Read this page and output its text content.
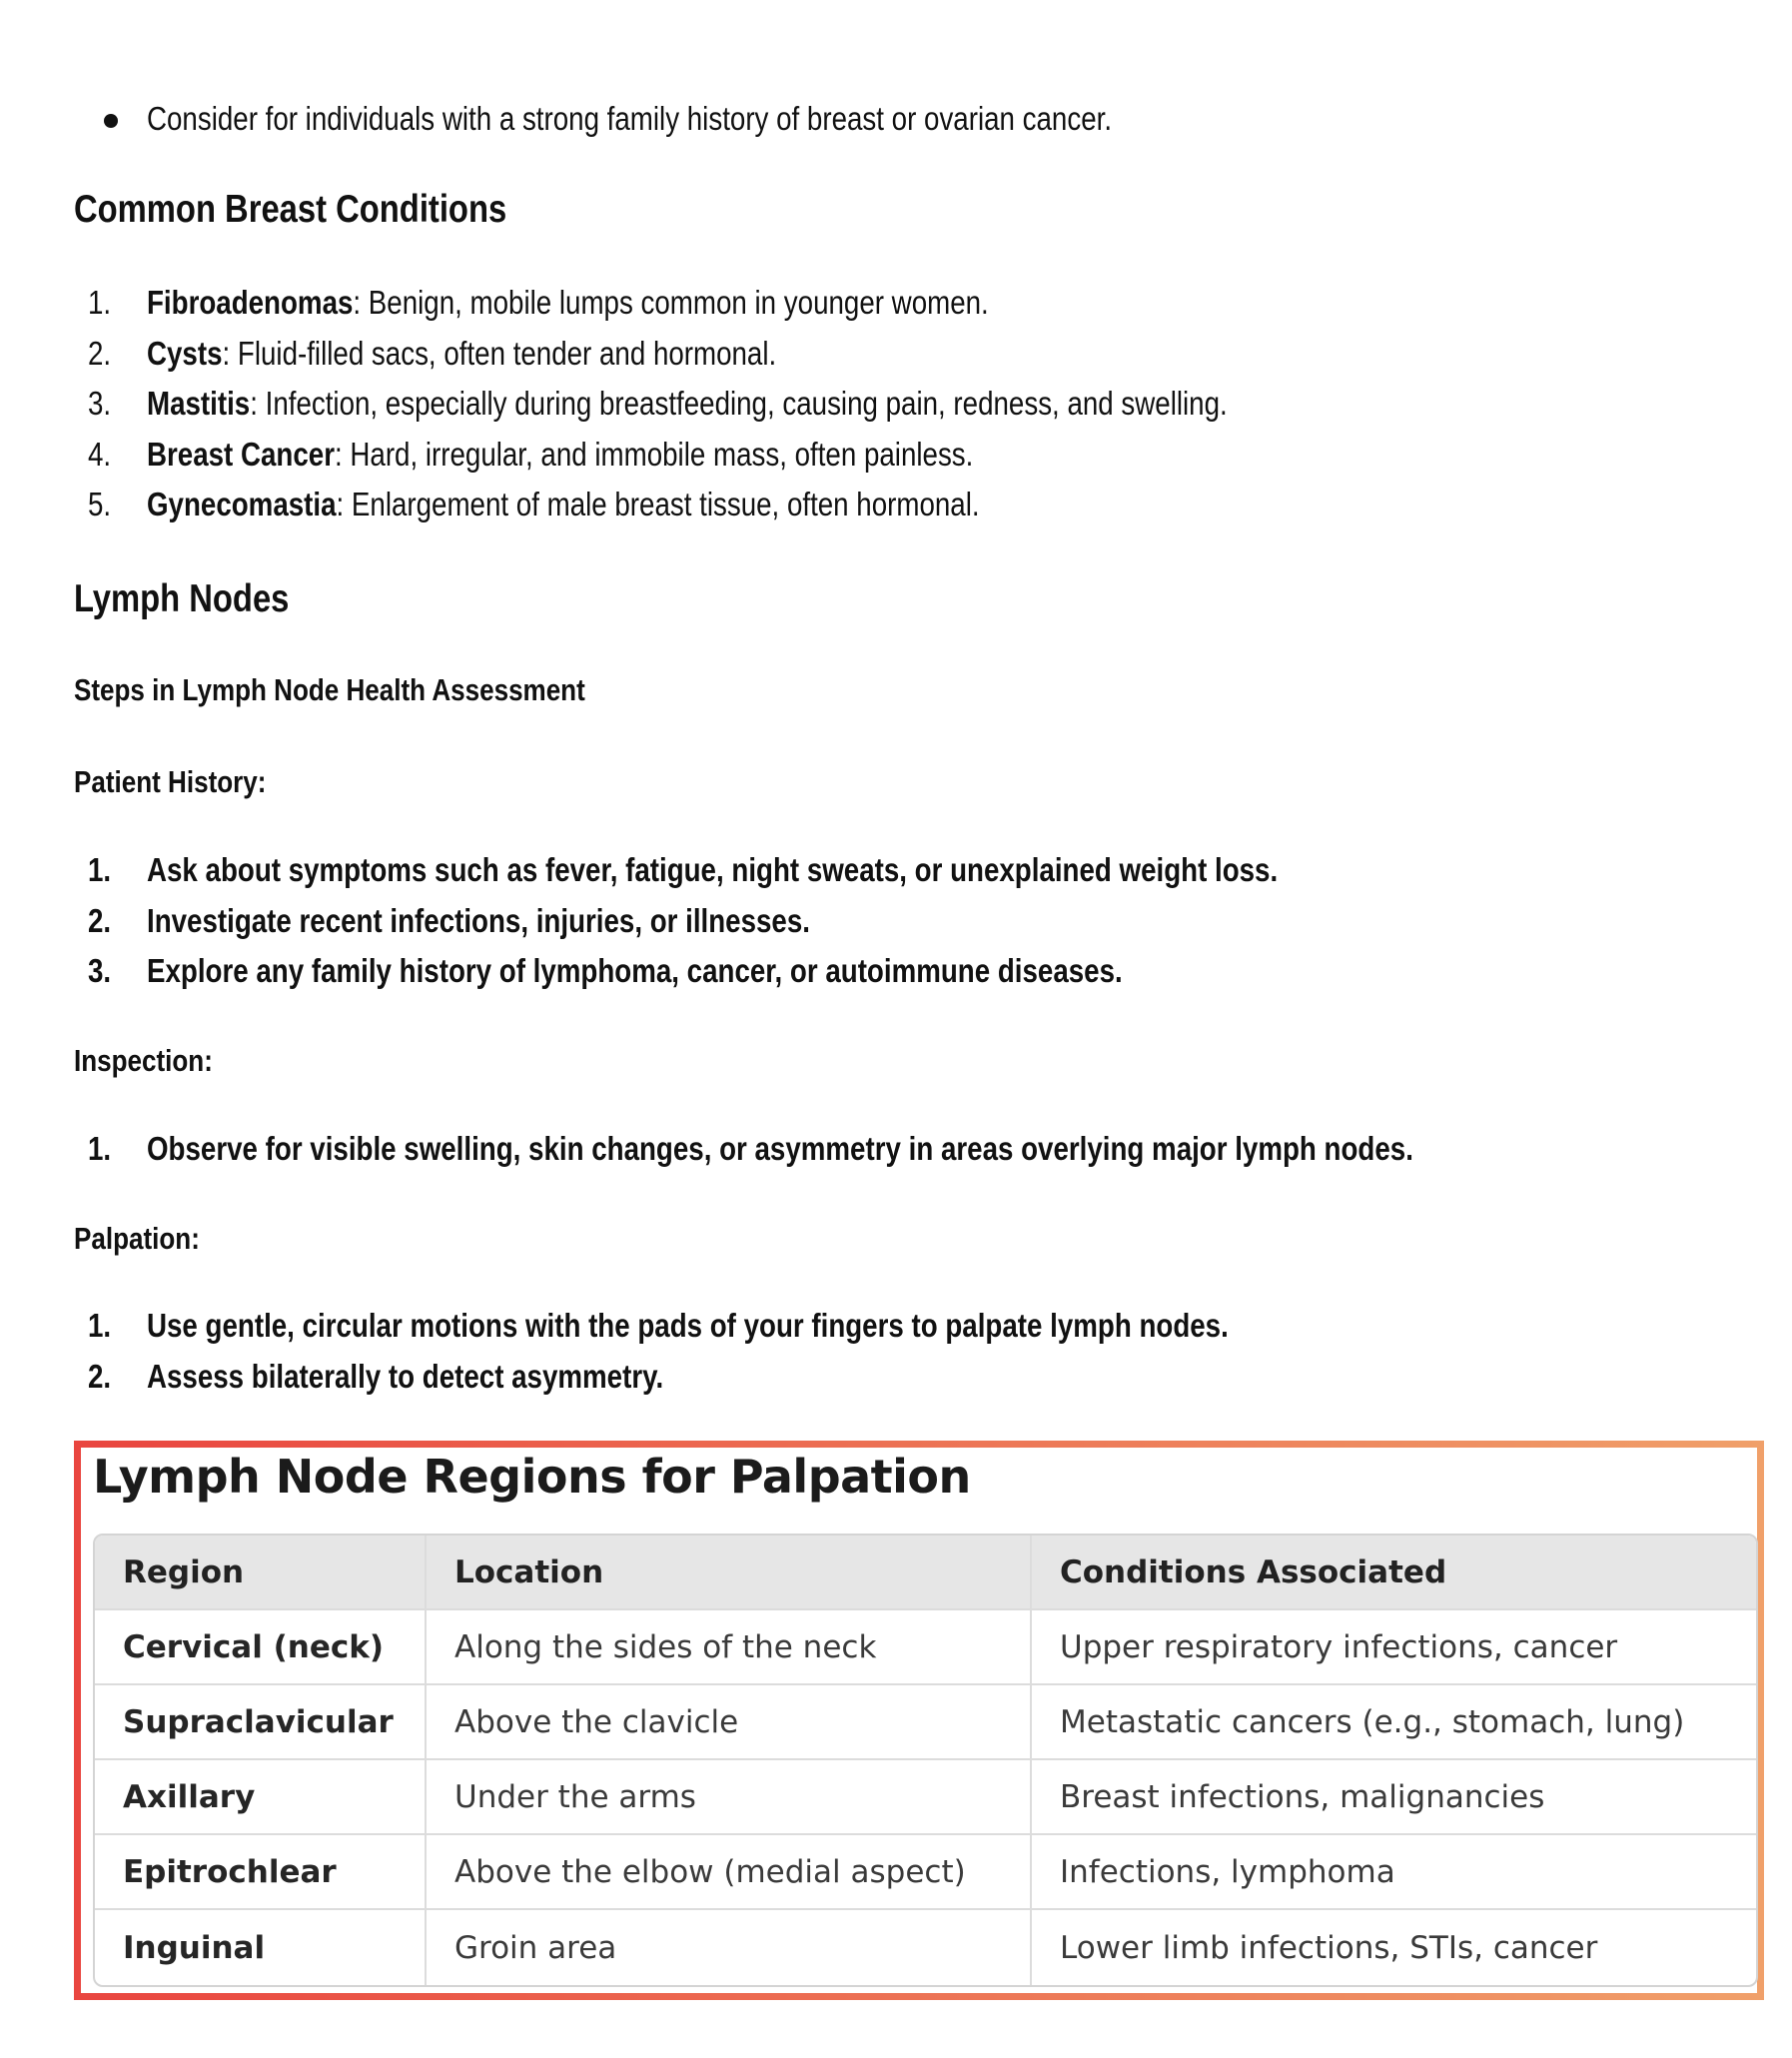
Consider for individuals with a strong family history of breast or ovarian cancer.
Common Breast Conditions
1.	Fibroadenomas: Benign, mobile lumps common in younger women.
2.	Cysts: Fluid-filled sacs, often tender and hormonal.
3.	Mastitis: Infection, especially during breastfeeding, causing pain, redness, and swelling.
4.	Breast Cancer: Hard, irregular, and immobile mass, often painless.
5.	Gynecomastia: Enlargement of male breast tissue, often hormonal.
Lymph Nodes
Steps in Lymph Node Health Assessment
Patient History:
1.	Ask about symptoms such as fever, fatigue, night sweats, or unexplained weight loss.
2.	Investigate recent infections, injuries, or illnesses.
3.	Explore any family history of lymphoma, cancer, or autoimmune diseases.
Inspection:
1.	Observe for visible swelling, skin changes, or asymmetry in areas overlying major lymph nodes.
Palpation:
1.	Use gentle, circular motions with the pads of your fingers to palpate lymph nodes.
2.	Assess bilaterally to detect asymmetry.
Lymph Node Regions for Palpation
Region	Location	Conditions Associated
Cervical (neck)	Along the sides of the neck	Upper respiratory infections, cancer
Supraclavicular	Above the clavicle	Metastatic cancers (e.g., stomach, lung)
Axillary	Under the arms	Breast infections, malignancies
Epitrochlear	Above the elbow (medial aspect)	Infections, lymphoma
Inguinal	Groin area	Lower limb infections, STIs, cancer
